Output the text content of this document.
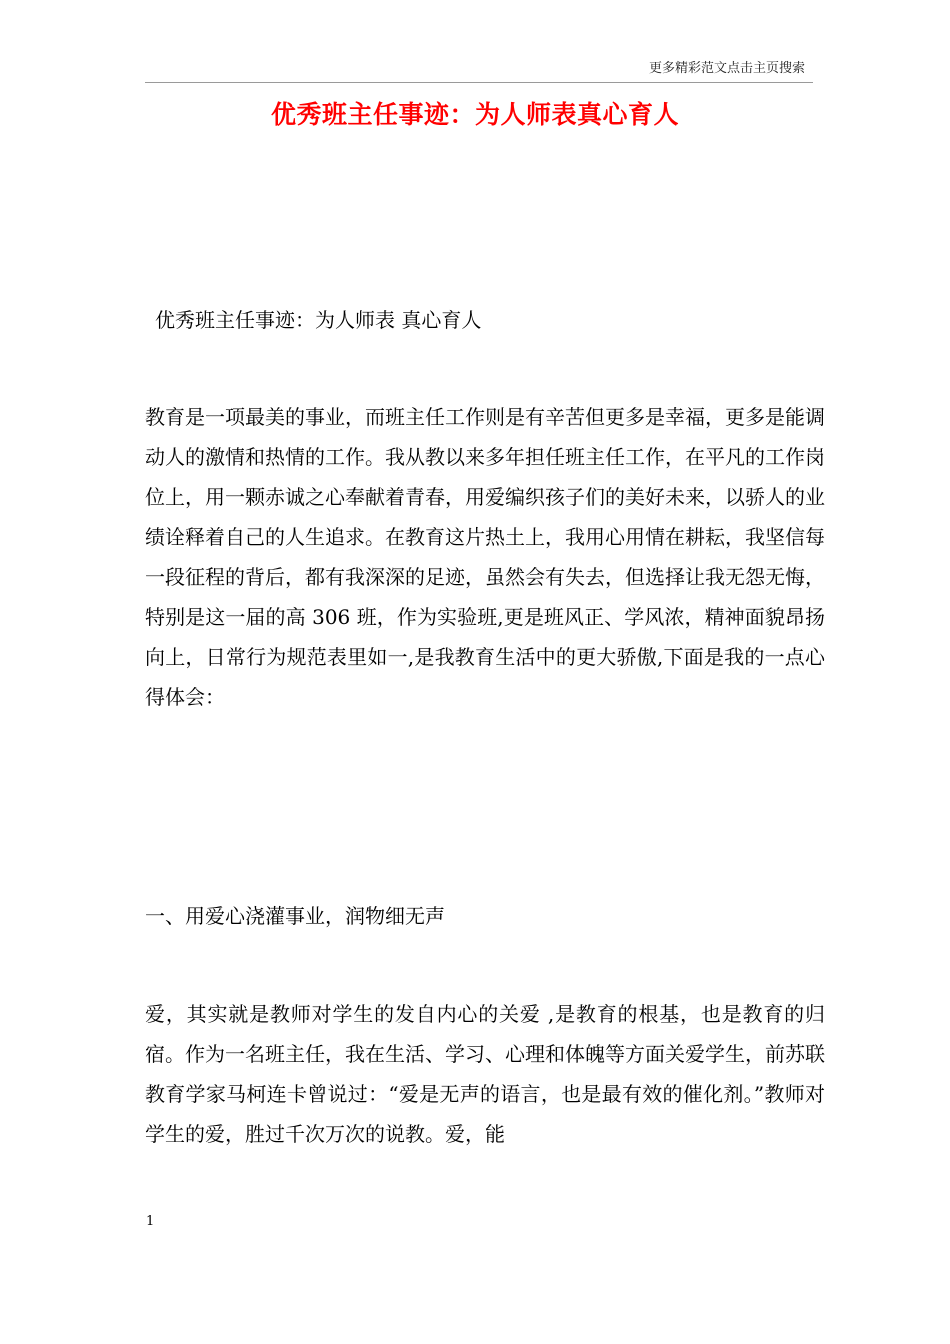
更多精彩范文点击主页搜索
优秀班主任事迹：为人师表真心育人
优秀班主任事迹：为人师表 真心育人

教育是一项最美的事业，而班主任工作则是有辛苦但更多是幸福，更多是能调动人的激情和热情的工作。我从教以来多年担任班主任工作，在平凡的工作岗位上，用一颗赤诚之心奉献着青春，用爱编织孩子们的美好未来，以骄人的业绩诠释着自己的人生追求。在教育这片热土上，我用心用情在耕耘，我坚信每一段征程的背后，都有我深深的足迹，虽然会有失去，但选择让我无怨无悔，特别是这一届的高 306 班，作为实验班,更是班风正、学风浓，精神面貌昂扬向上，日常行为规范表里如一,是我教育生活中的更大骄傲,下面是我的一点心得体会：

一、用爱心浇灌事业，润物细无声

爱，其实就是教师对学生的发自内心的关爱 ,是教育的根基，也是教育的归宿。作为一名班主任，我在生活、学习、心理和体魄等方面关爱学生，前苏联教育学家马柯连卡曾说过：“爱是无声的语言，也是最有效的催化剂。”教师对学生的爱，胜过千次万次的说教。爱，能

1
